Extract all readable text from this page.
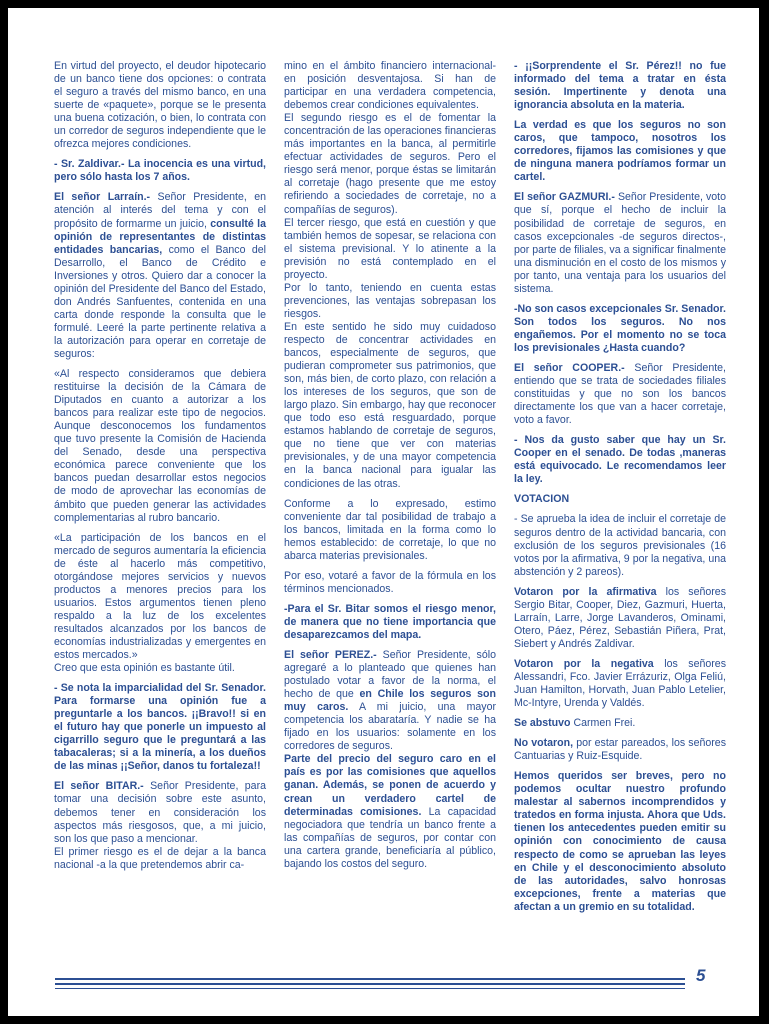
En virtud del proyecto, el deudor hipotecario de un banco tiene dos opciones: o contrata el seguro a través del mismo banco, en una suerte de «paquete», porque se le presenta una buena cotización, o bien, lo contrata con un corredor de seguros independiente que le ofrezca mejores condiciones.

- Sr. Zaldivar.- La inocencia es una virtud, pero sólo hasta los 7 años.

El señor Larraín.- Señor Presidente, en atención al interés del tema y con el propósito de formarme un juicio, consulté la opinión de representantes de distintas entidades bancarias, como el Banco del Desarrollo, el Banco de Crédito e Inversiones y otros. Quiero dar a conocer la opinión del Presidente del Banco del Estado, don Andrés Sanfuentes, contenida en una carta donde responde la consulta que le formulé. Leeré la parte pertinente relativa a la autorización para operar en corretaje de seguros:

«Al respecto consideramos que debiera restituirse la decisión de la Cámara de Diputados en cuanto a autorizar a los bancos para realizar este tipo de negocios. Aunque desconocemos los fundamentos que tuvo presente la Comisión de Hacienda del Senado, desde una perspectiva económica parece conveniente que los bancos puedan desarrollar estos negocios de modo de aprovechar las economías de ámbito que pueden generar las actividades complementarias al rubro bancario.

«La participación de los bancos en el mercado de seguros aumentaría la eficiencia de éste al hacerlo más competitivo, otorgándose mejores servicios y nuevos productos a menores precios para los usuarios. Estos argumentos tienen pleno respaldo a la luz de los excelentes resultados alcanzados por los bancos de economías industrializadas y emergentes en estos mercados.»

Creo que esta opinión es bastante útil.

- Se nota la imparcialidad del Sr. Senador. Para formarse una opinión fue a preguntarle a los bancos. ¡¡Bravo!! si en el futuro hay que ponerle un impuesto al cigarrillo seguro que le preguntará a las tabacaleras; si a la minería, a los dueños de las minas ¡¡Señor, danos tu fortaleza!!

El señor BITAR.- Señor Presidente, para tomar una decisión sobre este asunto, debemos tener en consideración los aspectos más riesgosos, que, a mi juicio, son los que paso a mencionar.

El primer riesgo es el de dejar a la banca nacional -a la que pretendemos abrir ca-

mino en el ámbito financiero internacional- en posición desventajosa. Si han de participar en una verdadera competencia, debemos crear condiciones equivalentes.

El segundo riesgo es el de fomentar la concentración de las operaciones financieras más importantes en la banca, al permitirle efectuar actividades de seguros. Pero el riesgo será menor, porque éstas se limitarán al corretaje (hago presente que me estoy refiriendo a sociedades de corretaje, no a compañías de seguros).

El tercer riesgo, que está en cuestión y que también hemos de sopesar, se relaciona con el sistema previsional. Y lo atinente a la previsión no está contemplado en el proyecto.

Por lo tanto, teniendo en cuenta estas prevenciones, las ventajas sobrepasan los riesgos.

En este sentido he sido muy cuidadoso respecto de concentrar actividades en bancos, especialmente de seguros, que pudieran comprometer sus patrimonios, que son, más bien, de corto plazo, con relación a los intereses de los seguros, que son de largo plazo. Sin embargo, hay que reconocer que todo eso está resguardado, porque estamos hablando de corretaje de seguros, que no tiene que ver con materias previsionales, y de una mayor competencia en la banca nacional para igualar las condiciones de las otras.

Conforme a lo expresado, estimo conveniente dar tal posibilidad de trabajo a los bancos, limitada en la forma como lo hemos establecido: de corretaje, lo que no abarca materias previsionales.

Por eso, votaré a favor de la fórmula en los términos mencionados.

-Para el Sr. Bitar somos el riesgo menor, de manera que no tiene importancia que desaparezcamos del mapa.

El señor PEREZ.- Señor Presidente, sólo agregaré a lo planteado que quienes han postulado votar a favor de la norma, el hecho de que en Chile los seguros son muy caros. A mi juicio, una mayor competencia los abarataría. Y nadie se ha fijado en los usuarios: solamente en los corredores de seguros.

Parte del precio del seguro caro en el país es por las comisiones que aquellos ganan. Además, se ponen de acuerdo y crean un verdadero cartel de determinadas comisiones. La capacidad negociadora que tendría un banco frente a las compañías de seguros, por contar con una cartera grande, beneficiaría al público, bajando los costos del seguro.

- ¡¡Sorprendente el Sr. Pérez!! no fue informado del tema a tratar en ésta sesión. Impertinente y denota una ignorancia absoluta en la materia.

La verdad es que los seguros no son caros, que tampoco, nosotros los corredores, fijamos las comisiones y que de ninguna manera podríamos formar un cartel.

El señor GAZMURI.- Señor Presidente, voto que sí, porque el hecho de incluir la posibilidad de corretaje de seguros, en casos excepcionales -de seguros directos-, por parte de filiales, va a significar finalmente una disminución en el costo de los mismos y por tanto, una ventaja para los usuarios del sistema.

-No son casos excepcionales Sr. Senador. Son todos los seguros. No nos engañemos. Por el momento no se toca los previsionales ¿Hasta cuando?

El señor COOPER.- Señor Presidente, entiendo que se trata de sociedades filiales constituidas y que no son los bancos directamente los que van a hacer corretaje, voto a favor.

- Nos da gusto saber que hay un Sr. Cooper en el senado. De todas ,maneras está equivocado. Le recomendamos leer la ley.

VOTACION

- Se aprueba la idea de incluir el corretaje de seguros dentro de la actividad bancaria, con exclusión de los seguros previsionales (16 votos por la afirmativa, 9 por la negativa, una abstención y 2 pareos).

Votaron por la afirmativa los señores Sergio Bitar, Cooper, Diez, Gazmuri, Huerta, Larraín, Larre, Jorge Lavanderos, Ominami, Otero, Páez, Pérez, Sebastián Piñera, Prat, Siebert y Andrés Zaldivar.

Votaron por la negativa los señores Alessandri, Fco. Javier Errázuriz, Olga Feliú, Juan Hamilton, Horvath, Juan Pablo Letelier, Mc-Intyre, Urenda y Valdés.

Se abstuvo Carmen Frei.

No votaron, por estar pareados, los señores Cantuarias y Ruiz-Esquide.

Hemos queridos ser breves, pero no podemos ocultar nuestro profundo malestar al sabernos incomprendidos y tratedos en forma injusta. Ahora que Uds. tienen los antecedentes pueden emitir su opinión con conocimiento de causa respecto de como se aprueban las leyes en Chile y el desconocimiento absoluto de las autoridades, salvo honrosas excepciones, frente a materias que afectan a un gremio en su totalidad.

5
